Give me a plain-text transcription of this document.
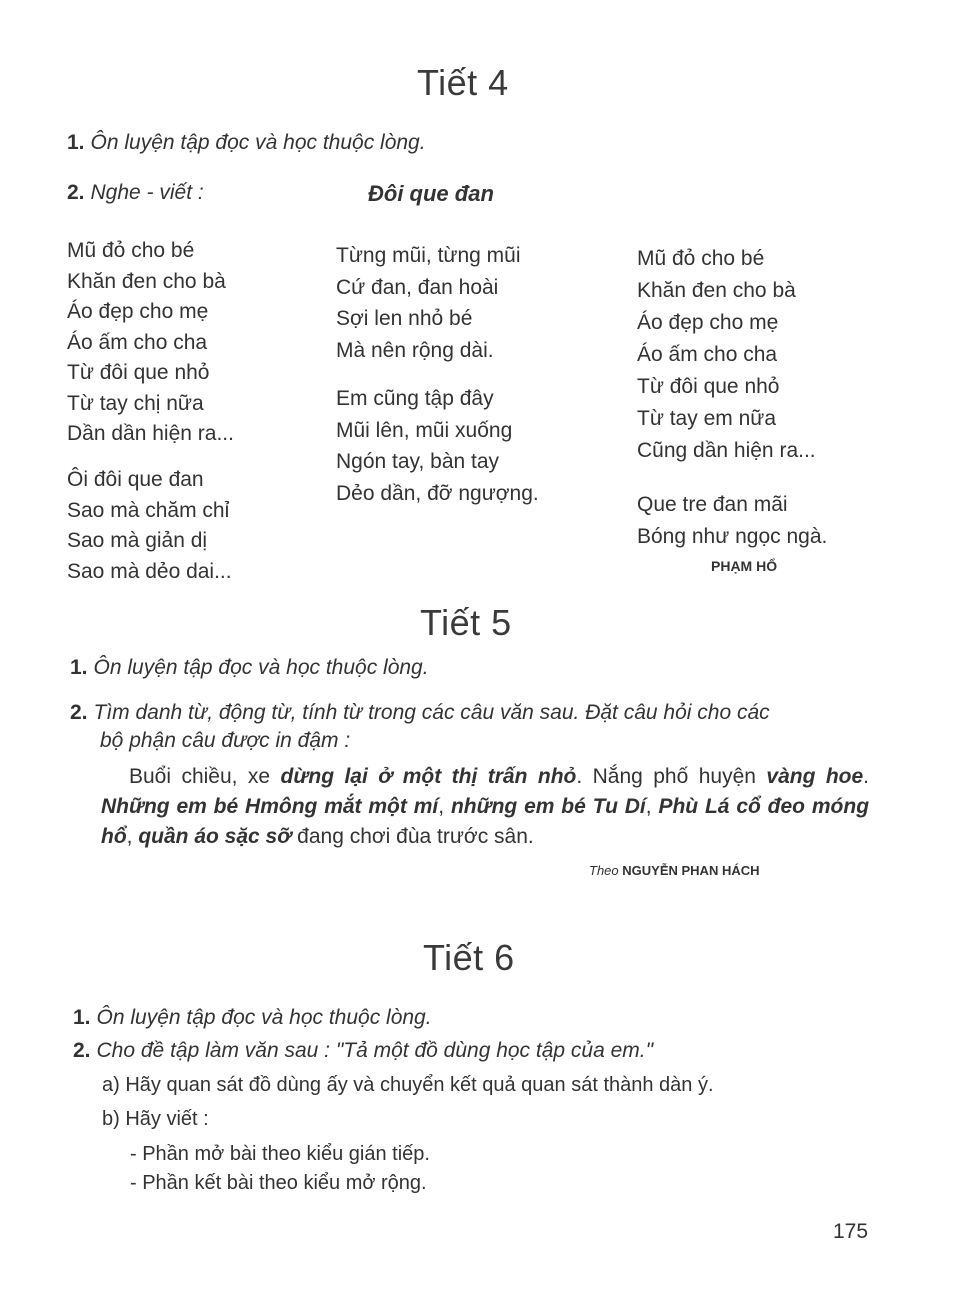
Tiết 4
1. Ôn luyện tập đọc và học thuộc lòng.
2. Nghe - viết :	Đôi que đan
Mũ đỏ cho bé
Khăn đen cho bà
Áo đẹp cho mẹ
Áo ấm cho cha
Từ đôi que nhỏ
Từ tay chị nữa
Dần dần hiện ra...
Ôi đôi que đan
Sao mà chăm chỉ
Sao mà giản dị
Sao mà dẻo dai...
Từng mũi, từng mũi
Cứ đan, đan hoài
Sợi len nhỏ bé
Mà nên rộng dài.
Em cũng tập đây
Mũi lên, mũi xuống
Ngón tay, bàn tay
Dẻo dần, đỡ ngượng.
Mũ đỏ cho bé
Khăn đen cho bà
Áo đẹp cho mẹ
Áo ấm cho cha
Từ đôi que nhỏ
Từ tay em nữa
Cũng dần hiện ra...
Que tre đan mãi
Bóng như ngọc ngà.
PHẠM HỔ
Tiết 5
1. Ôn luyện tập đọc và học thuộc lòng.
2. Tìm danh từ, động từ, tính từ trong các câu văn sau. Đặt câu hỏi cho các
bộ phận câu được in đậm :
Buổi chiều, xe dừng lại ở một thị trấn nhỏ. Nắng phố huyện vàng hoe. Những em bé Hmông mắt một mí, những em bé Tu Dí, Phù Lá cổ đeo móng hổ, quần áo sặc sỡ đang chơi đùa trước sân.
Theo NGUYỄN PHAN HÁCH
Tiết 6
1. Ôn luyện tập đọc và học thuộc lòng.
2. Cho đề tập làm văn sau : "Tả một đồ dùng học tập của em."
a) Hãy quan sát đồ dùng ấy và chuyển kết quả quan sát thành dàn ý.
b) Hãy viết :
- Phần mở bài theo kiểu gián tiếp.
- Phần kết bài theo kiểu mở rộng.
175
